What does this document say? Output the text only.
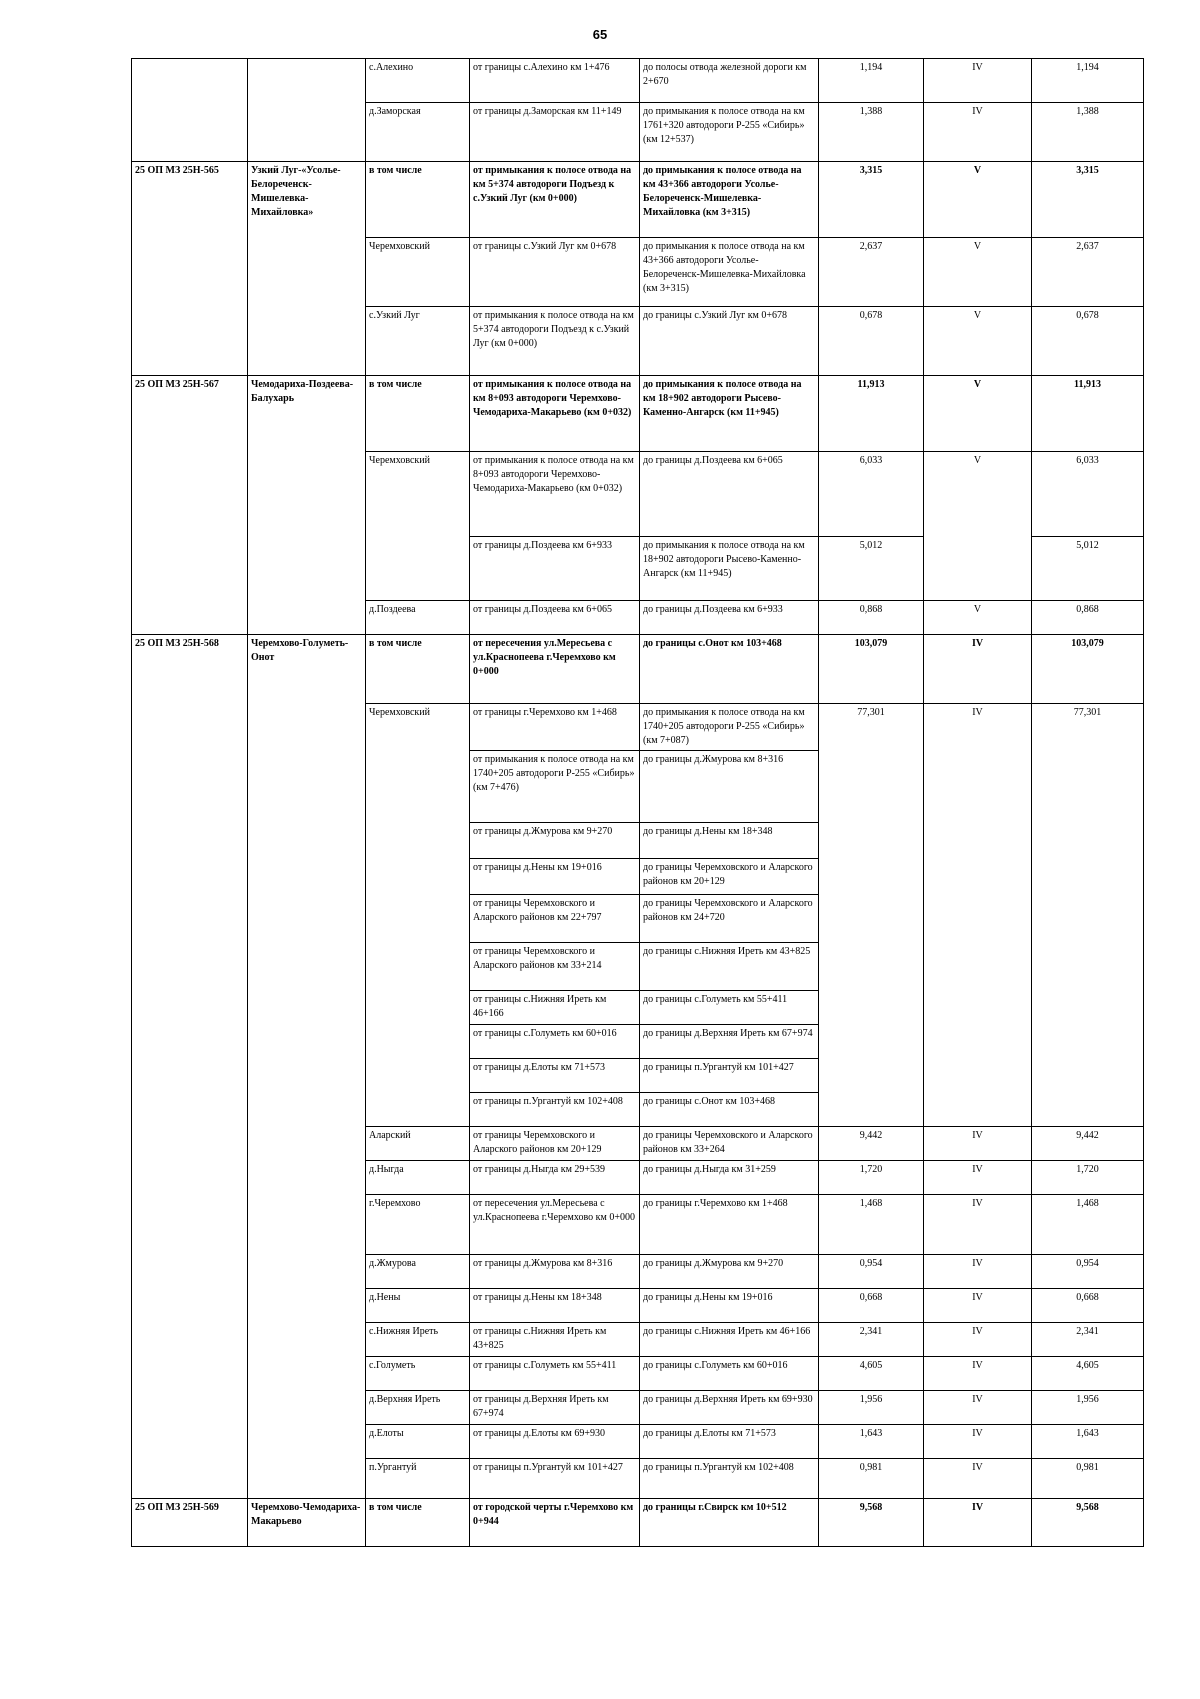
65
		с.Алехино	от границы с.Алехино км 1+476	до полосы отвода железной дороги км 2+670	1,194	IV	1,194
		д.Заморская	от границы д.Заморская км 11+149	до примыкания к полосе отвода на км 1761+320 автодороги Р-255 «Сибирь» (км 12+537)	1,388	IV	1,388
25 ОП МЗ 25Н-565	Узкий Луг-«Усолье-Белореченск-Мишелевка-Михайловка»	в том числе	от примыкания к полосе отвода на км 5+374 автодороги Подъезд к с.Узкий Луг (км 0+000)	до примыкания к полосе отвода на км 43+366 автодороги Усолье-Белореченск-Мишелевка-Михайловка (км 3+315)	3,315	V	3,315
		Черемховский	от границы с.Узкий Луг км 0+678	до примыкания к полосе отвода на км 43+366 автодороги Усолье-Белореченск-Мишелевка-Михайловка (км 3+315)	2,637	V	2,637
		с.Узкий Луг	от примыкания к полосе отвода на км 5+374 автодороги Подъезд к с.Узкий Луг (км 0+000)	до границы с.Узкий Луг км 0+678	0,678	V	0,678
25 ОП МЗ 25Н-567	Чемодариха-Поздеева-Балухарь	в том числе	от примыкания к полосе отвода на км 8+093 автодороги Черемхово-Чемодариха-Макарьево (км 0+032)	до примыкания к полосе отвода на км 18+902 автодороги Рысево-Каменно-Ангарск (км 11+945)	11,913	V	11,913
		Черемховский	от примыкания к полосе отвода на км 8+093 автодороги Черемхово-Чемодариха-Макарьево (км 0+032)	до границы д.Поздеева км 6+065	6,033	V	6,033
			от границы д.Поздеева км 6+933	до примыкания к полосе отвода на км 18+902 автодороги Рысево-Каменно-Ангарск (км 11+945)	5,012		5,012
		д.Поздеева	от границы д.Поздеева км 6+065	до границы д.Поздеева км 6+933	0,868	V	0,868
25 ОП МЗ 25Н-568	Черемхово-Голуметь-Онот	в том числе	от пересечения ул.Мересьева с ул.Краснопеева г.Черемхово км 0+000	до границы с.Онот км 103+468	103,079	IV	103,079
		Черемховский	от границы г.Черемхово км 1+468	до примыкания к полосе отвода на км 1740+205 автодороги Р-255 «Сибирь» (км 7+087)	77,301	IV	77,301
			от примыкания к полосе отвода на км 1740+205 автодороги Р-255 «Сибирь» (км 7+476)	до границы д.Жмурова км 8+316			
			от границы д.Жмурова км 9+270	до границы д.Нены км 18+348			
			от границы д.Нены км 19+016	до границы Черемховского и Аларского районов км 20+129			
			от границы Черемховского и Аларского районов км 22+797	до границы Черемховского и Аларского районов км 24+720			
			от границы Черемховского и Аларского районов км 33+214	до границы с.Нижняя Иреть км 43+825			
			от границы с.Нижняя Иреть км 46+166	до границы с.Голуметь км 55+411			
			от границы с.Голуметь км 60+016	до границы д.Верхняя Иреть км 67+974			
			от границы д.Елоты км 71+573	до границы п.Ургантуй км 101+427			
			от границы п.Ургантуй км 102+408	до границы с.Онот км 103+468			
		Аларский	от границы Черемховского и Аларского районов км 20+129	до границы Черемховского и Аларского районов км 33+264	9,442	IV	9,442
		д.Ныгда	от границы д.Ныгда км 29+539	до границы д.Ныгда км 31+259	1,720	IV	1,720
		г.Черемхово	от пересечения ул.Мересьева с ул.Краснопеева г.Черемхово км 0+000	до границы г.Черемхово км 1+468	1,468	IV	1,468
		д.Жмурова	от границы д.Жмурова км 8+316	до границы д.Жмурова км 9+270	0,954	IV	0,954
		д.Нены	от границы д.Нены км 18+348	до границы д.Нены км 19+016	0,668	IV	0,668
		с.Нижняя Иреть	от границы с.Нижняя Иреть км 43+825	до границы с.Нижняя Иреть км 46+166	2,341	IV	2,341
		с.Голуметь	от границы с.Голуметь км 55+411	до границы с.Голуметь км 60+016	4,605	IV	4,605
		д.Верхняя Иреть	от границы д.Верхняя Иреть км 67+974	до границы д.Верхняя Иреть км 69+930	1,956	IV	1,956
		д.Елоты	от границы д.Елоты км 69+930	до границы д.Елоты км 71+573	1,643	IV	1,643
		п.Ургантуй	от границы п.Ургантуй км 101+427	до границы п.Ургантуй км 102+408	0,981	IV	0,981
25 ОП МЗ 25Н-569	Черемхово-Чемодариха-Макарьево	в том числе	от городской черты г.Черемхово км 0+944	до границы г.Свирск км 10+512	9,568	IV	9,568
